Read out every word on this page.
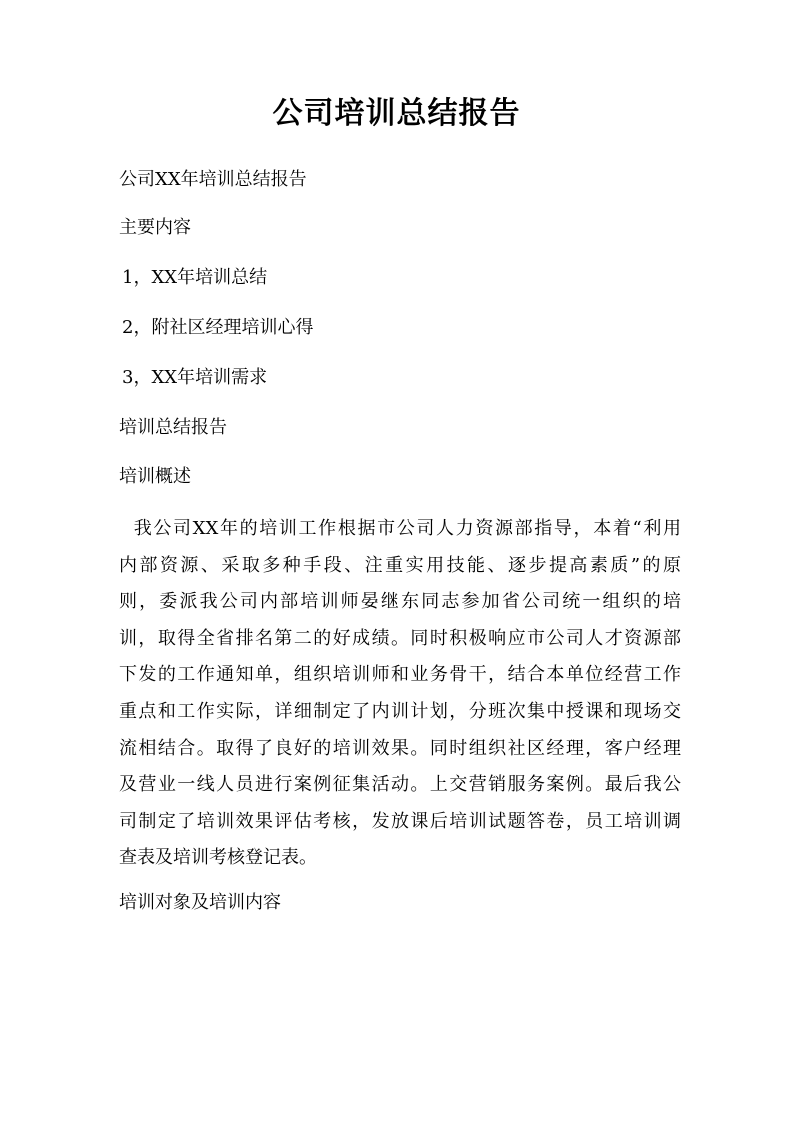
公司培训总结报告
公司XX年培训总结报告
主要内容
1，XX年培训总结
2，附社区经理培训心得
3，XX年培训需求
培训总结报告
培训概述
我公司XX年的培训工作根据市公司人力资源部指导，本着“利用
内部资源、采取多种手段、注重实用技能、逐步提高素质”的原
则，委派我公司内部培训师晏继东同志参加省公司统一组织的培
训，取得全省排名第二的好成绩。同时积极响应市公司人才资源部
下发的工作通知单，组织培训师和业务骨干，结合本单位经营工作
重点和工作实际，详细制定了内训计划，分班次集中授课和现场交
流相结合。取得了良好的培训效果。同时组织社区经理，客户经理
及营业一线人员进行案例征集活动。上交营销服务案例。最后我公
司制定了培训效果评估考核，发放课后培训试题答卷，员工培训调
查表及培训考核登记表。
培训对象及培训内容
